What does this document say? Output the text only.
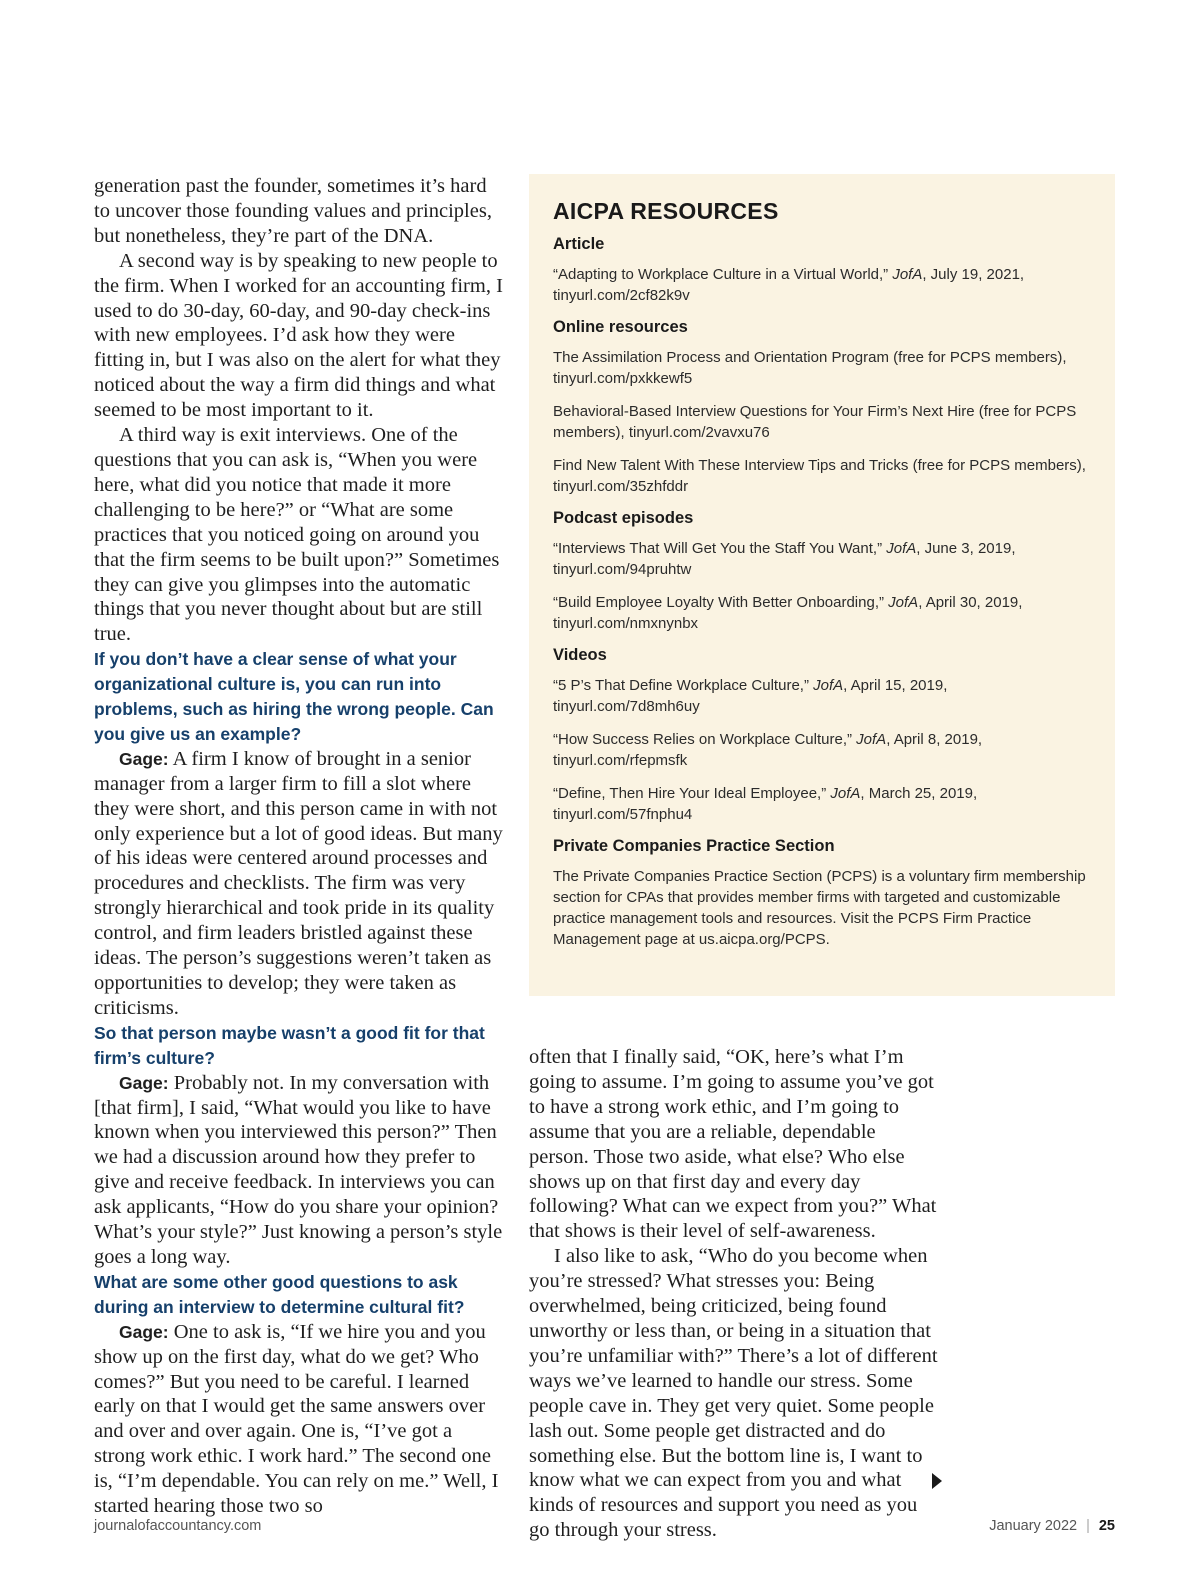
generation past the founder, sometimes it’s hard to uncover those founding values and principles, but nonetheless, they’re part of the DNA.

A second way is by speaking to new people to the firm. When I worked for an accounting firm, I used to do 30-day, 60-day, and 90-day check-ins with new employees. I’d ask how they were fitting in, but I was also on the alert for what they noticed about the way a firm did things and what seemed to be most important to it.

A third way is exit interviews. One of the questions that you can ask is, “When you were here, what did you notice that made it more challenging to be here?” or “What are some practices that you noticed going on around you that the firm seems to be built upon?” Sometimes they can give you glimpses into the automatic things that you never thought about but are still true.

If you don’t have a clear sense of what your organizational culture is, you can run into problems, such as hiring the wrong people. Can you give us an example?

Gage: A firm I know of brought in a senior manager from a larger firm to fill a slot where they were short, and this person came in with not only experience but a lot of good ideas. But many of his ideas were centered around processes and procedures and checklists. The firm was very strongly hierarchical and took pride in its quality control, and firm leaders bristled against these ideas. The person’s suggestions weren’t taken as opportunities to develop; they were taken as criticisms.

So that person maybe wasn’t a good fit for that firm’s culture?

Gage: Probably not. In my conversation with [that firm], I said, “What would you like to have known when you interviewed this person?” Then we had a discussion around how they prefer to give and receive feedback. In interviews you can ask applicants, “How do you share your opinion? What’s your style?” Just knowing a person’s style goes a long way.

What are some other good questions to ask during an interview to determine cultural fit?

Gage: One to ask is, “If we hire you and you show up on the first day, what do we get? Who comes?” But you need to be careful. I learned early on that I would get the same answers over and over and over again. One is, “I’ve got a strong work ethic. I work hard.” The second one is, “I’m dependable. You can rely on me.” Well, I started hearing those two so

AICPA RESOURCES
Article

“Adapting to Workplace Culture in a Virtual World,” JofA, July 19, 2021, tinyurl.com/2cf82k9v

Online resources

The Assimilation Process and Orientation Program (free for PCPS members), tinyurl.com/pxkkewf5

Behavioral-Based Interview Questions for Your Firm’s Next Hire (free for PCPS members), tinyurl.com/2vavxu76

Find New Talent With These Interview Tips and Tricks (free for PCPS members), tinyurl.com/35zhfddr

Podcast episodes

“Interviews That Will Get You the Staff You Want,” JofA, June 3, 2019, tinyurl.com/94pruhtw

“Build Employee Loyalty With Better Onboarding,” JofA, April 30, 2019, tinyurl.com/nmxnynbx

Videos

“5 P’s That Define Workplace Culture,” JofA, April 15, 2019, tinyurl.com/7d8mh6uy

“How Success Relies on Workplace Culture,” JofA, April 8, 2019, tinyurl.com/rfepmsfk

“Define, Then Hire Your Ideal Employee,” JofA, March 25, 2019, tinyurl.com/57fnphu4

Private Companies Practice Section

The Private Companies Practice Section (PCPS) is a voluntary firm membership section for CPAs that provides member firms with targeted and customizable practice management tools and resources. Visit the PCPS Firm Practice Management page at us.aicpa.org/PCPS.

often that I finally said, “OK, here’s what I’m going to assume. I’m going to assume you’ve got to have a strong work ethic, and I’m going to assume that you are a reliable, dependable person. Those two aside, what else? Who else shows up on that first day and every day following? What can we expect from you?” What that shows is their level of self-awareness.

I also like to ask, “Who do you become when you’re stressed? What stresses you: Being overwhelmed, being criticized, being found unworthy or less than, or being in a situation that you’re unfamiliar with?” There’s a lot of different ways we’ve learned to handle our stress. Some people cave in. They get very quiet. Some people lash out. Some people get distracted and do something else. But the bottom line is, I want to know what we can expect from you and what kinds of resources and support you need as you go through your stress.

journalofaccountancy.com	January 2022 | 25
